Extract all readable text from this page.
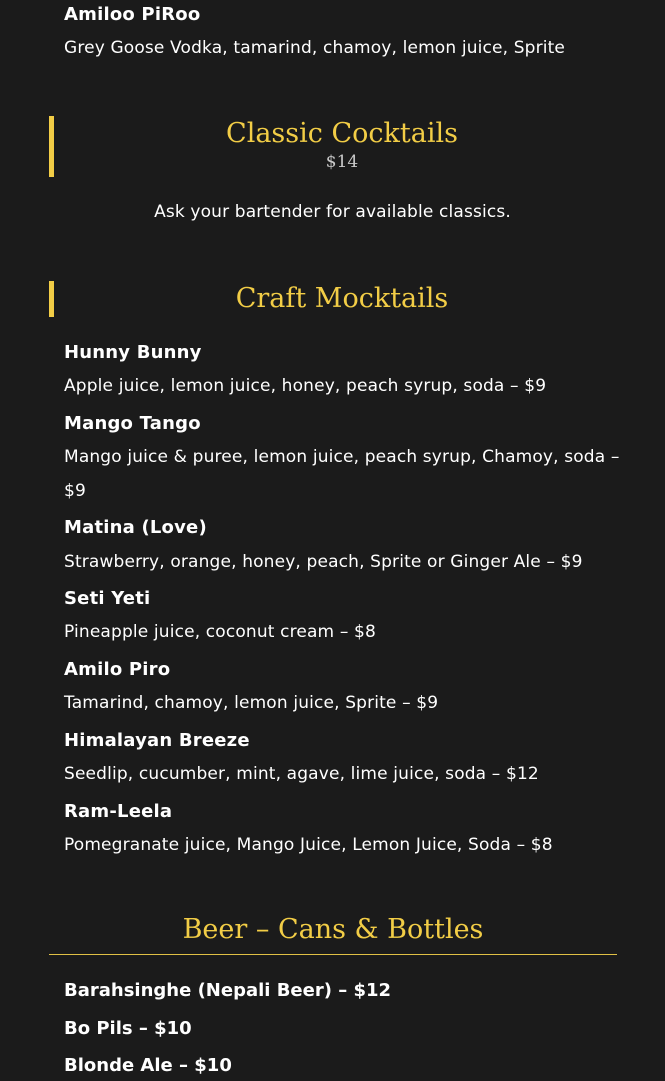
Amiloo PiRoo
Grey Goose Vodka, tamarind, chamoy, lemon juice, Sprite
Classic Cocktails
$14
Ask your bartender for available classics.
Craft Mocktails
Hunny Bunny
Apple juice, lemon juice, honey, peach syrup, soda – $9
Mango Tango
Mango juice & puree, lemon juice, peach syrup, Chamoy, soda – $9
Matina (Love)
Strawberry, orange, honey, peach, Sprite or Ginger Ale – $9
Seti Yeti
Pineapple juice, coconut cream – $8
Amilo Piro
Tamarind, chamoy, lemon juice, Sprite – $9
Himalayan Breeze
Seedlip, cucumber, mint, agave, lime juice, soda – $12
Ram-Leela
Pomegranate juice, Mango Juice, Lemon Juice, Soda – $8
Beer – Cans & Bottles
Barahsinghe (Nepali Beer) – $12
Bo Pils – $10
Blonde Ale – $10
